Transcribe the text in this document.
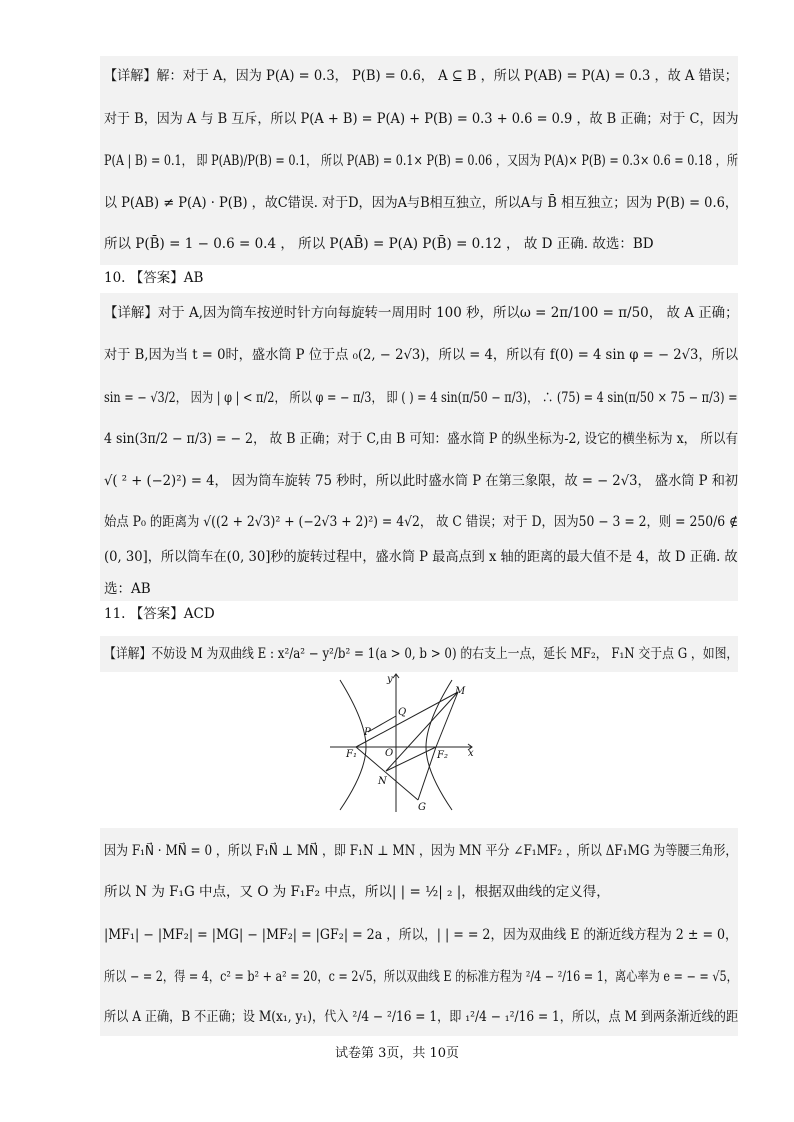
【详解】解：对于 A，因为 P(A) = 0.3， P(B) = 0.6， A ⊆ B ，所以 P(AB) = P(A) = 0.3 ，故 A 错误；
对于 B，因为 A 与 B 互斥，所以 P(A + B) = P(A) + P(B) = 0.3 + 0.6 = 0.9 ，故 B 正确；对于 C，因为
P(A | B) = 0.1， 即 P(AB)/P(B) = 0.1， 所以 P(AB) = 0.1× P(B) = 0.06 ，又因为 P(A)× P(B) = 0.3× 0.6 = 0.18 ，所
以 P(AB) ≠ P(A) · P(B) ，故C错误. 对于D，因为A与B相互独立，所以A与 B̄ 相互独立；因为 P(B) = 0.6，
所以 P(B̄) = 1 − 0.6 = 0.4 ， 所以 P(AB̄) = P(A) P(B̄) = 0.12 ， 故 D 正确. 故选：BD
10. 【答案】AB
【详解】对于 A,因为筒车按逆时针方向每旋转一周用时 100 秒，所以ω = 2π/100 = π/50， 故 A 正确；
对于 B,因为当 t = 0时，盛水筒 P 位于点 ₀(2, − 2√3)，所以 = 4，所以有 f(0) = 4 sin φ = − 2√3，所以
sin = − √3/2， 因为 | φ | < π/2， 所以 φ = − π/3， 即 ( ) = 4 sin(π/50 − π/3)， ∴ (75) = 4 sin(π/50 × 75 − π/3) =
4 sin(3π/2 − π/3) = − 2， 故 B 正确；对于 C,由 B 可知：盛水筒 P 的纵坐标为-2, 设它的横坐标为 x， 所以有
√( ² + (−2)²) = 4， 因为筒车旋转 75 秒时，所以此时盛水筒 P 在第三象限，故 = − 2√3， 盛水筒 P 和初
始点 P₀ 的距离为 √((2 + 2√3)² + (−2√3 + 2)²) = 4√2， 故 C 错误；对于 D，因为50 − 3 = 2，则 = 250/6 ∉
(0, 30]，所以筒车在(0, 30]秒的旋转过程中，盛水筒 P 最高点到 x 轴的距离的最大值不是 4，故 D 正确. 故
选：AB
11. 【答案】ACD
【详解】不妨设 M 为双曲线 E : x²/a² − y²/b² = 1(a > 0, b > 0) 的右支上一点，延长 MF₂， F₁N 交于点 G ，如图，
y
x
M
Q
P
F₁	O	F₂
N
G
因为 F₁N⃗ · MN⃗ = 0 ，所以 F₁N⃗ ⊥ MN⃗ ，即 F₁N ⊥ MN ，因为 MN 平分 ∠F₁MF₂ ，所以 ΔF₁MG 为等腰三角形，
所以 N 为 F₁G 中点，又 O 为 F₁F₂ 中点，所以| | = ½| ₂ |，根据双曲线的定义得，
|MF₁| − |MF₂| = |MG| − |MF₂| = |GF₂| = 2a ，所以，| | = = 2，因为双曲线 E 的渐近线方程为 2 ± = 0，
所以 − = 2，得 = 4，c² = b² + a² = 20，c = 2√5，所以双曲线 E 的标准方程为 ²/4 − ²/16 = 1，离心率为 e = − = √5，
所以 A 正确，B 不正确；设 M(x₁, y₁)，代入 ²/4 − ²/16 = 1，即 ₁²/4 − ₁²/16 = 1，所以，点 M 到两条渐近线的距
试卷第 3页，共 10页
